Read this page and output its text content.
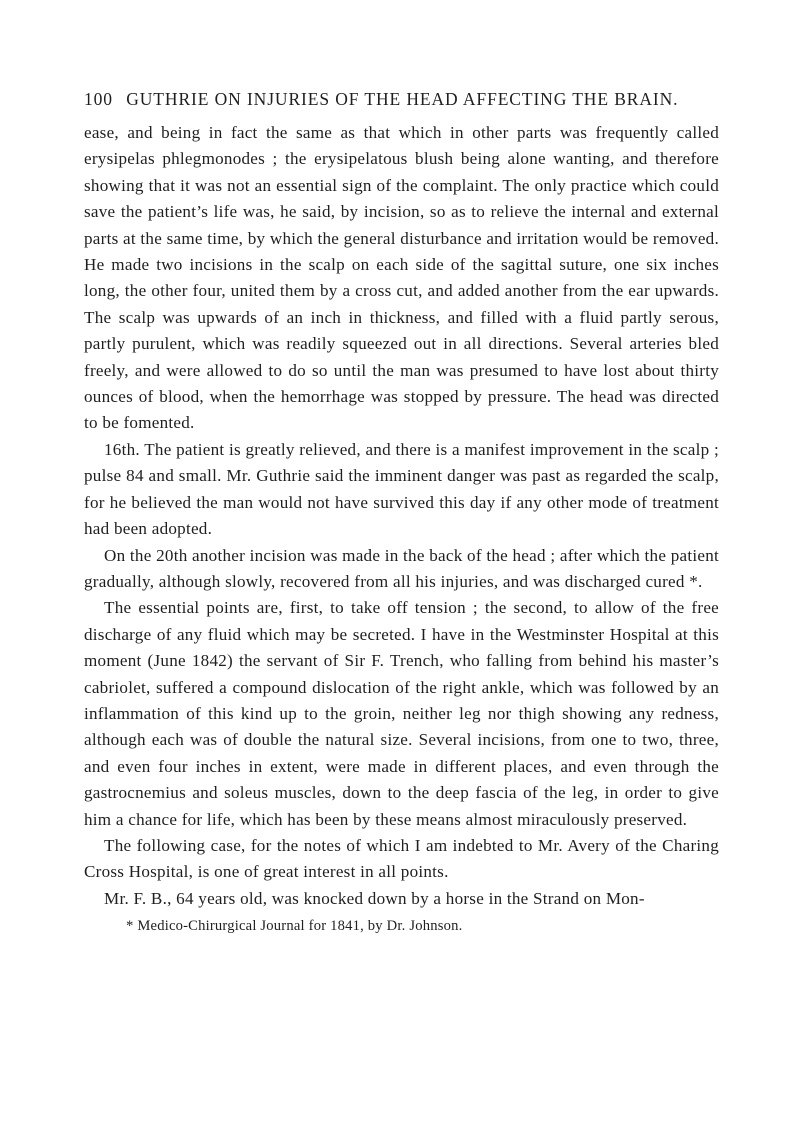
100 GUTHRIE ON INJURIES OF THE HEAD AFFECTING THE BRAIN.

ease, and being in fact the same as that which in other parts was frequently called erysipelas phlegmonodes ; the erysipelatous blush being alone wanting, and therefore showing that it was not an essential sign of the complaint. The only practice which could save the patient’s life was, he said, by incision, so as to relieve the internal and external parts at the same time, by which the general disturbance and irritation would be removed. He made two incisions in the scalp on each side of the sagittal suture, one six inches long, the other four, united them by a cross cut, and added another from the ear upwards. The scalp was upwards of an inch in thickness, and filled with a fluid partly serous, partly purulent, which was readily squeezed out in all directions. Several arteries bled freely, and were allowed to do so until the man was presumed to have lost about thirty ounces of blood, when the hemorrhage was stopped by pressure. The head was directed to be fomented.

16th. The patient is greatly relieved, and there is a manifest improvement in the scalp ; pulse 84 and small. Mr. Guthrie said the imminent danger was past as regarded the scalp, for he believed the man would not have survived this day if any other mode of treatment had been adopted.

On the 20th another incision was made in the back of the head ; after which the patient gradually, although slowly, recovered from all his injuries, and was discharged cured *.

The essential points are, first, to take off tension ; the second, to allow of the free discharge of any fluid which may be secreted. I have in the Westminster Hospital at this moment (June 1842) the servant of Sir F. Trench, who falling from behind his master’s cabriolet, suffered a compound dislocation of the right ankle, which was followed by an inflammation of this kind up to the groin, neither leg nor thigh showing any redness, although each was of double the natural size. Several incisions, from one to two, three, and even four inches in extent, were made in different places, and even through the gastrocnemius and soleus muscles, down to the deep fascia of the leg, in order to give him a chance for life, which has been by these means almost miraculously preserved.

The following case, for the notes of which I am indebted to Mr. Avery of the Charing Cross Hospital, is one of great interest in all points.

Mr. F. B., 64 years old, was knocked down by a horse in the Strand on Mon-

* Medico-Chirurgical Journal for 1841, by Dr. Johnson.
